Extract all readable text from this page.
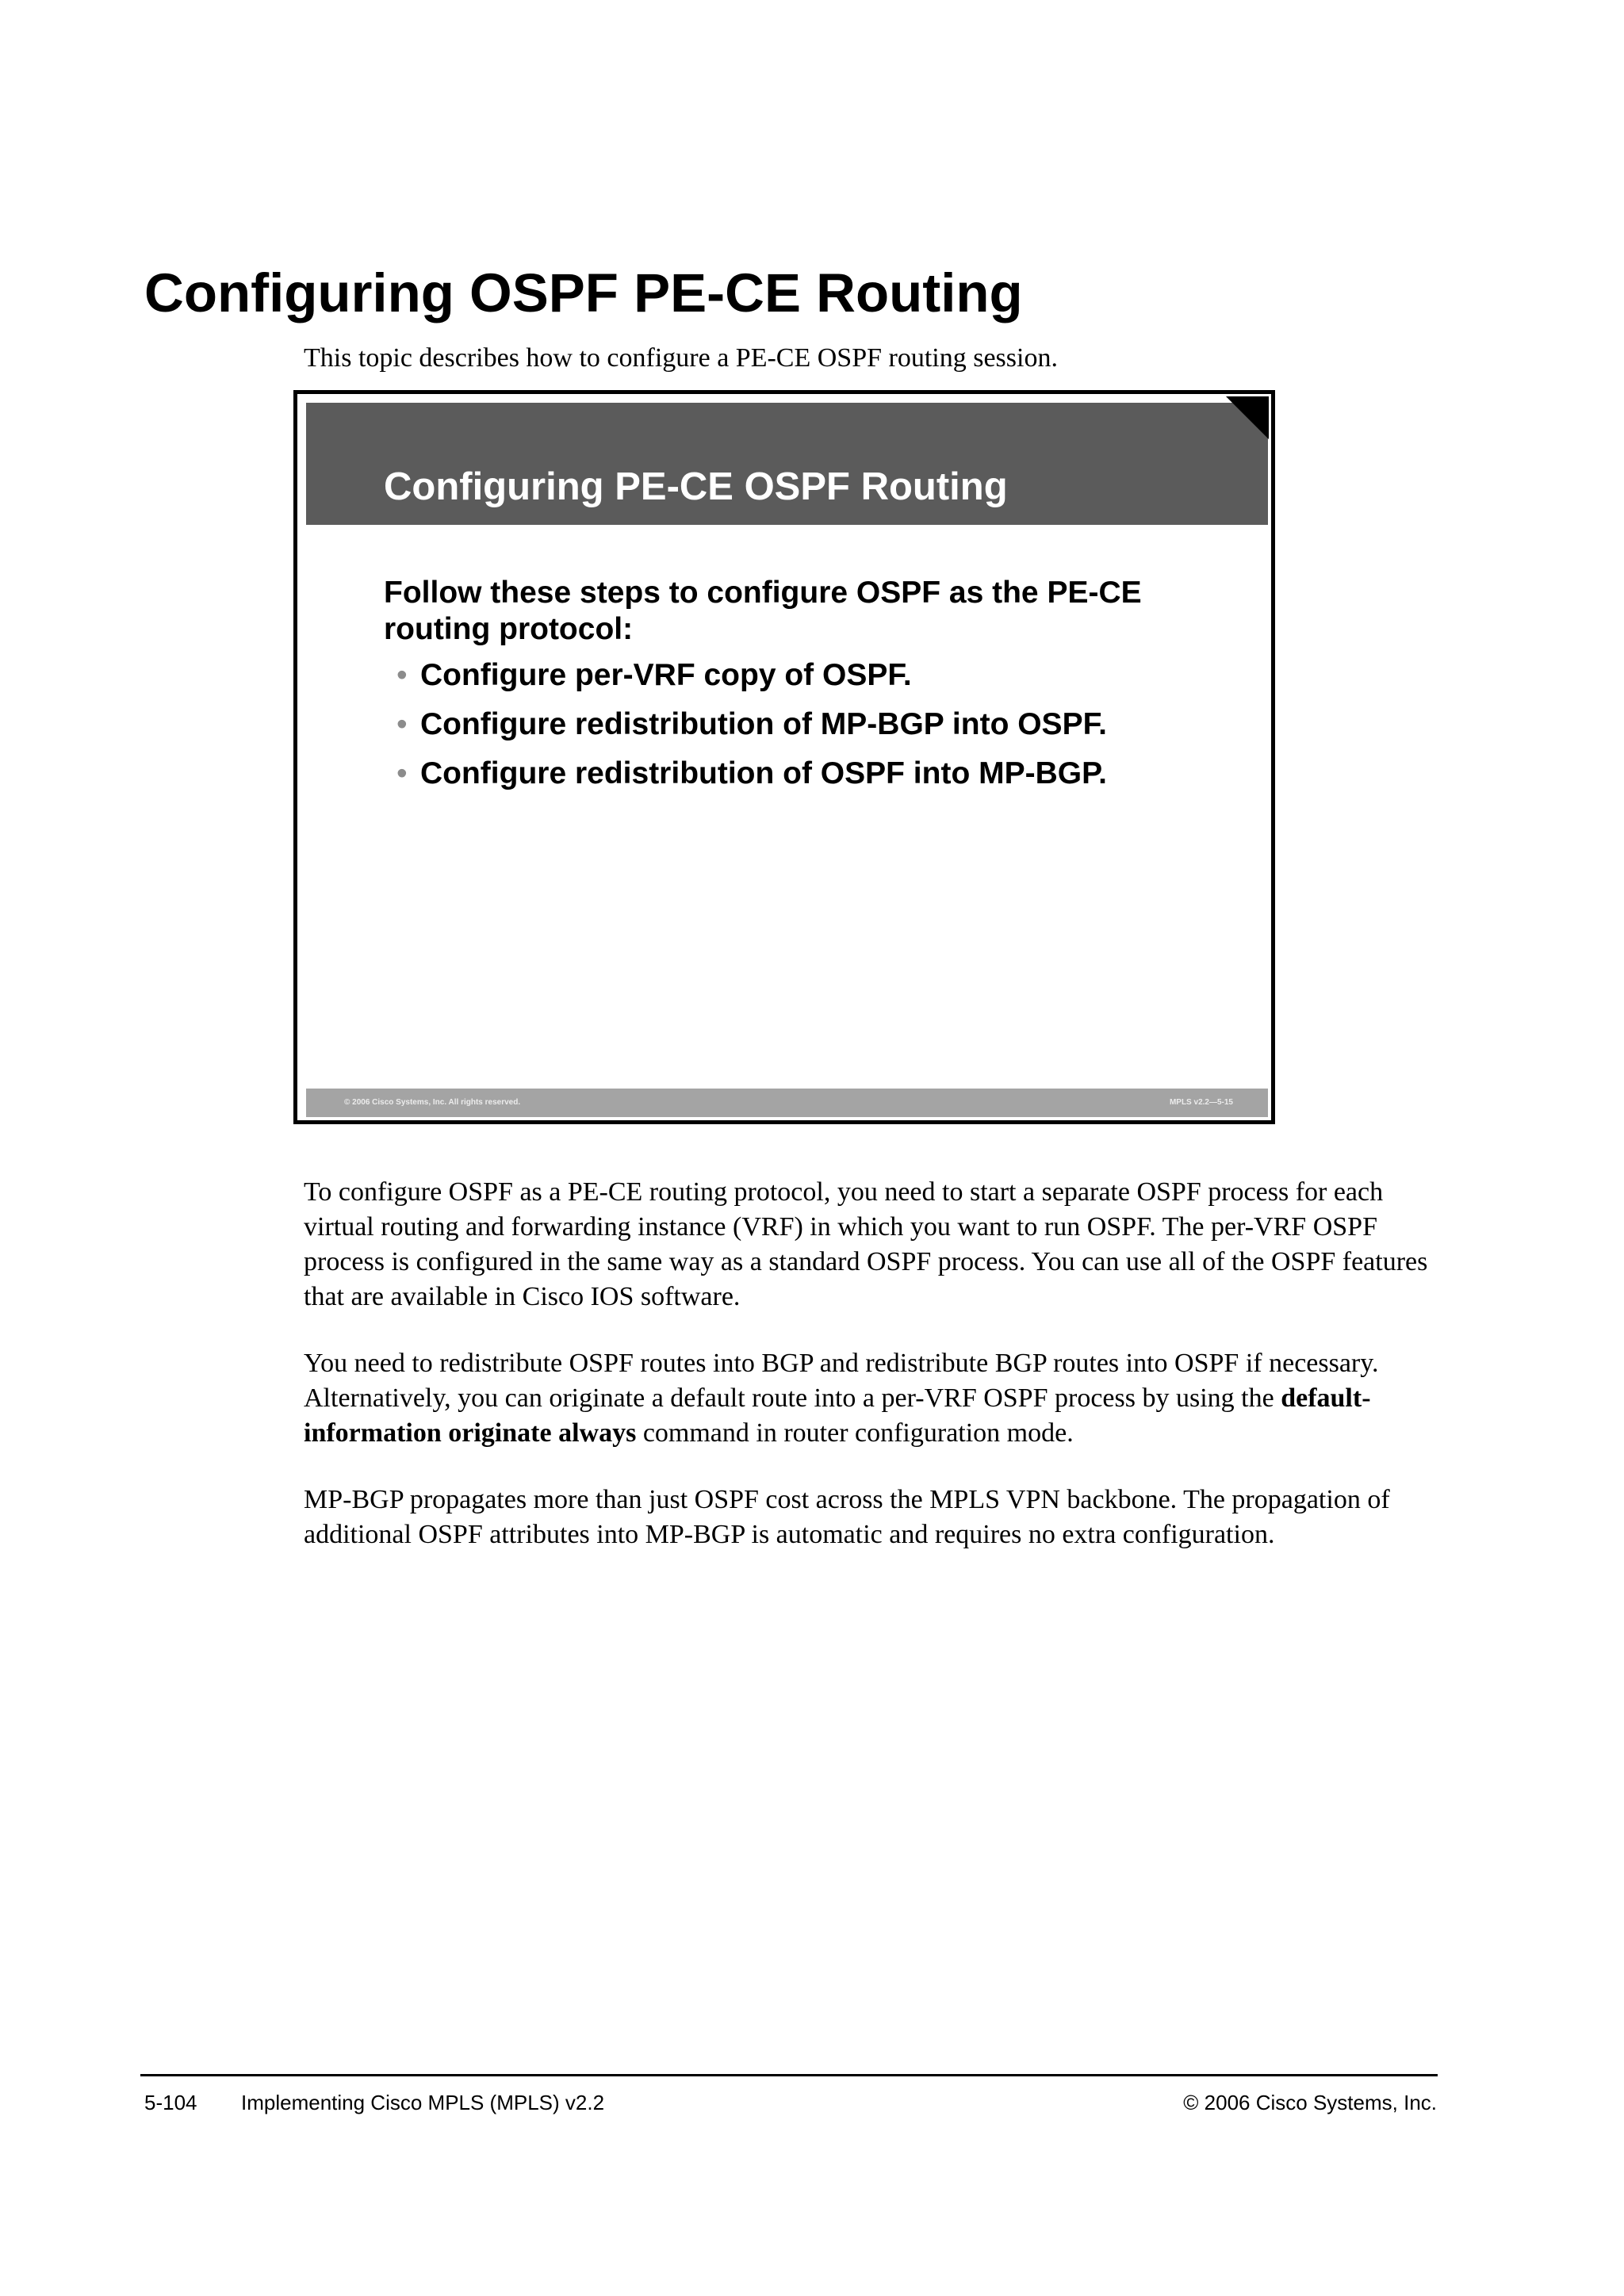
Configuring OSPF PE-CE Routing

This topic describes how to configure a PE-CE OSPF routing session.

Configuring PE-CE OSPF Routing

Follow these steps to configure OSPF as the PE-CE routing protocol:

• Configure per-VRF copy of OSPF.
• Configure redistribution of MP-BGP into OSPF.
• Configure redistribution of OSPF into MP-BGP.
© 2006 Cisco Systems, Inc. All rights reserved.	MPLS v2.2—5-15

To configure OSPF as a PE-CE routing protocol, you need to start a separate OSPF process for each virtual routing and forwarding instance (VRF) in which you want to run OSPF. The per-VRF OSPF process is configured in the same way as a standard OSPF process. You can use all of the OSPF features that are available in Cisco IOS software.

You need to redistribute OSPF routes into BGP and redistribute BGP routes into OSPF if necessary. Alternatively, you can originate a default route into a per-VRF OSPF process by using the default-information originate always command in router configuration mode.

MP-BGP propagates more than just OSPF cost across the MPLS VPN backbone. The propagation of additional OSPF attributes into MP-BGP is automatic and requires no extra configuration.

5-104 Implementing Cisco MPLS (MPLS) v2.2	© 2006 Cisco Systems, Inc.
